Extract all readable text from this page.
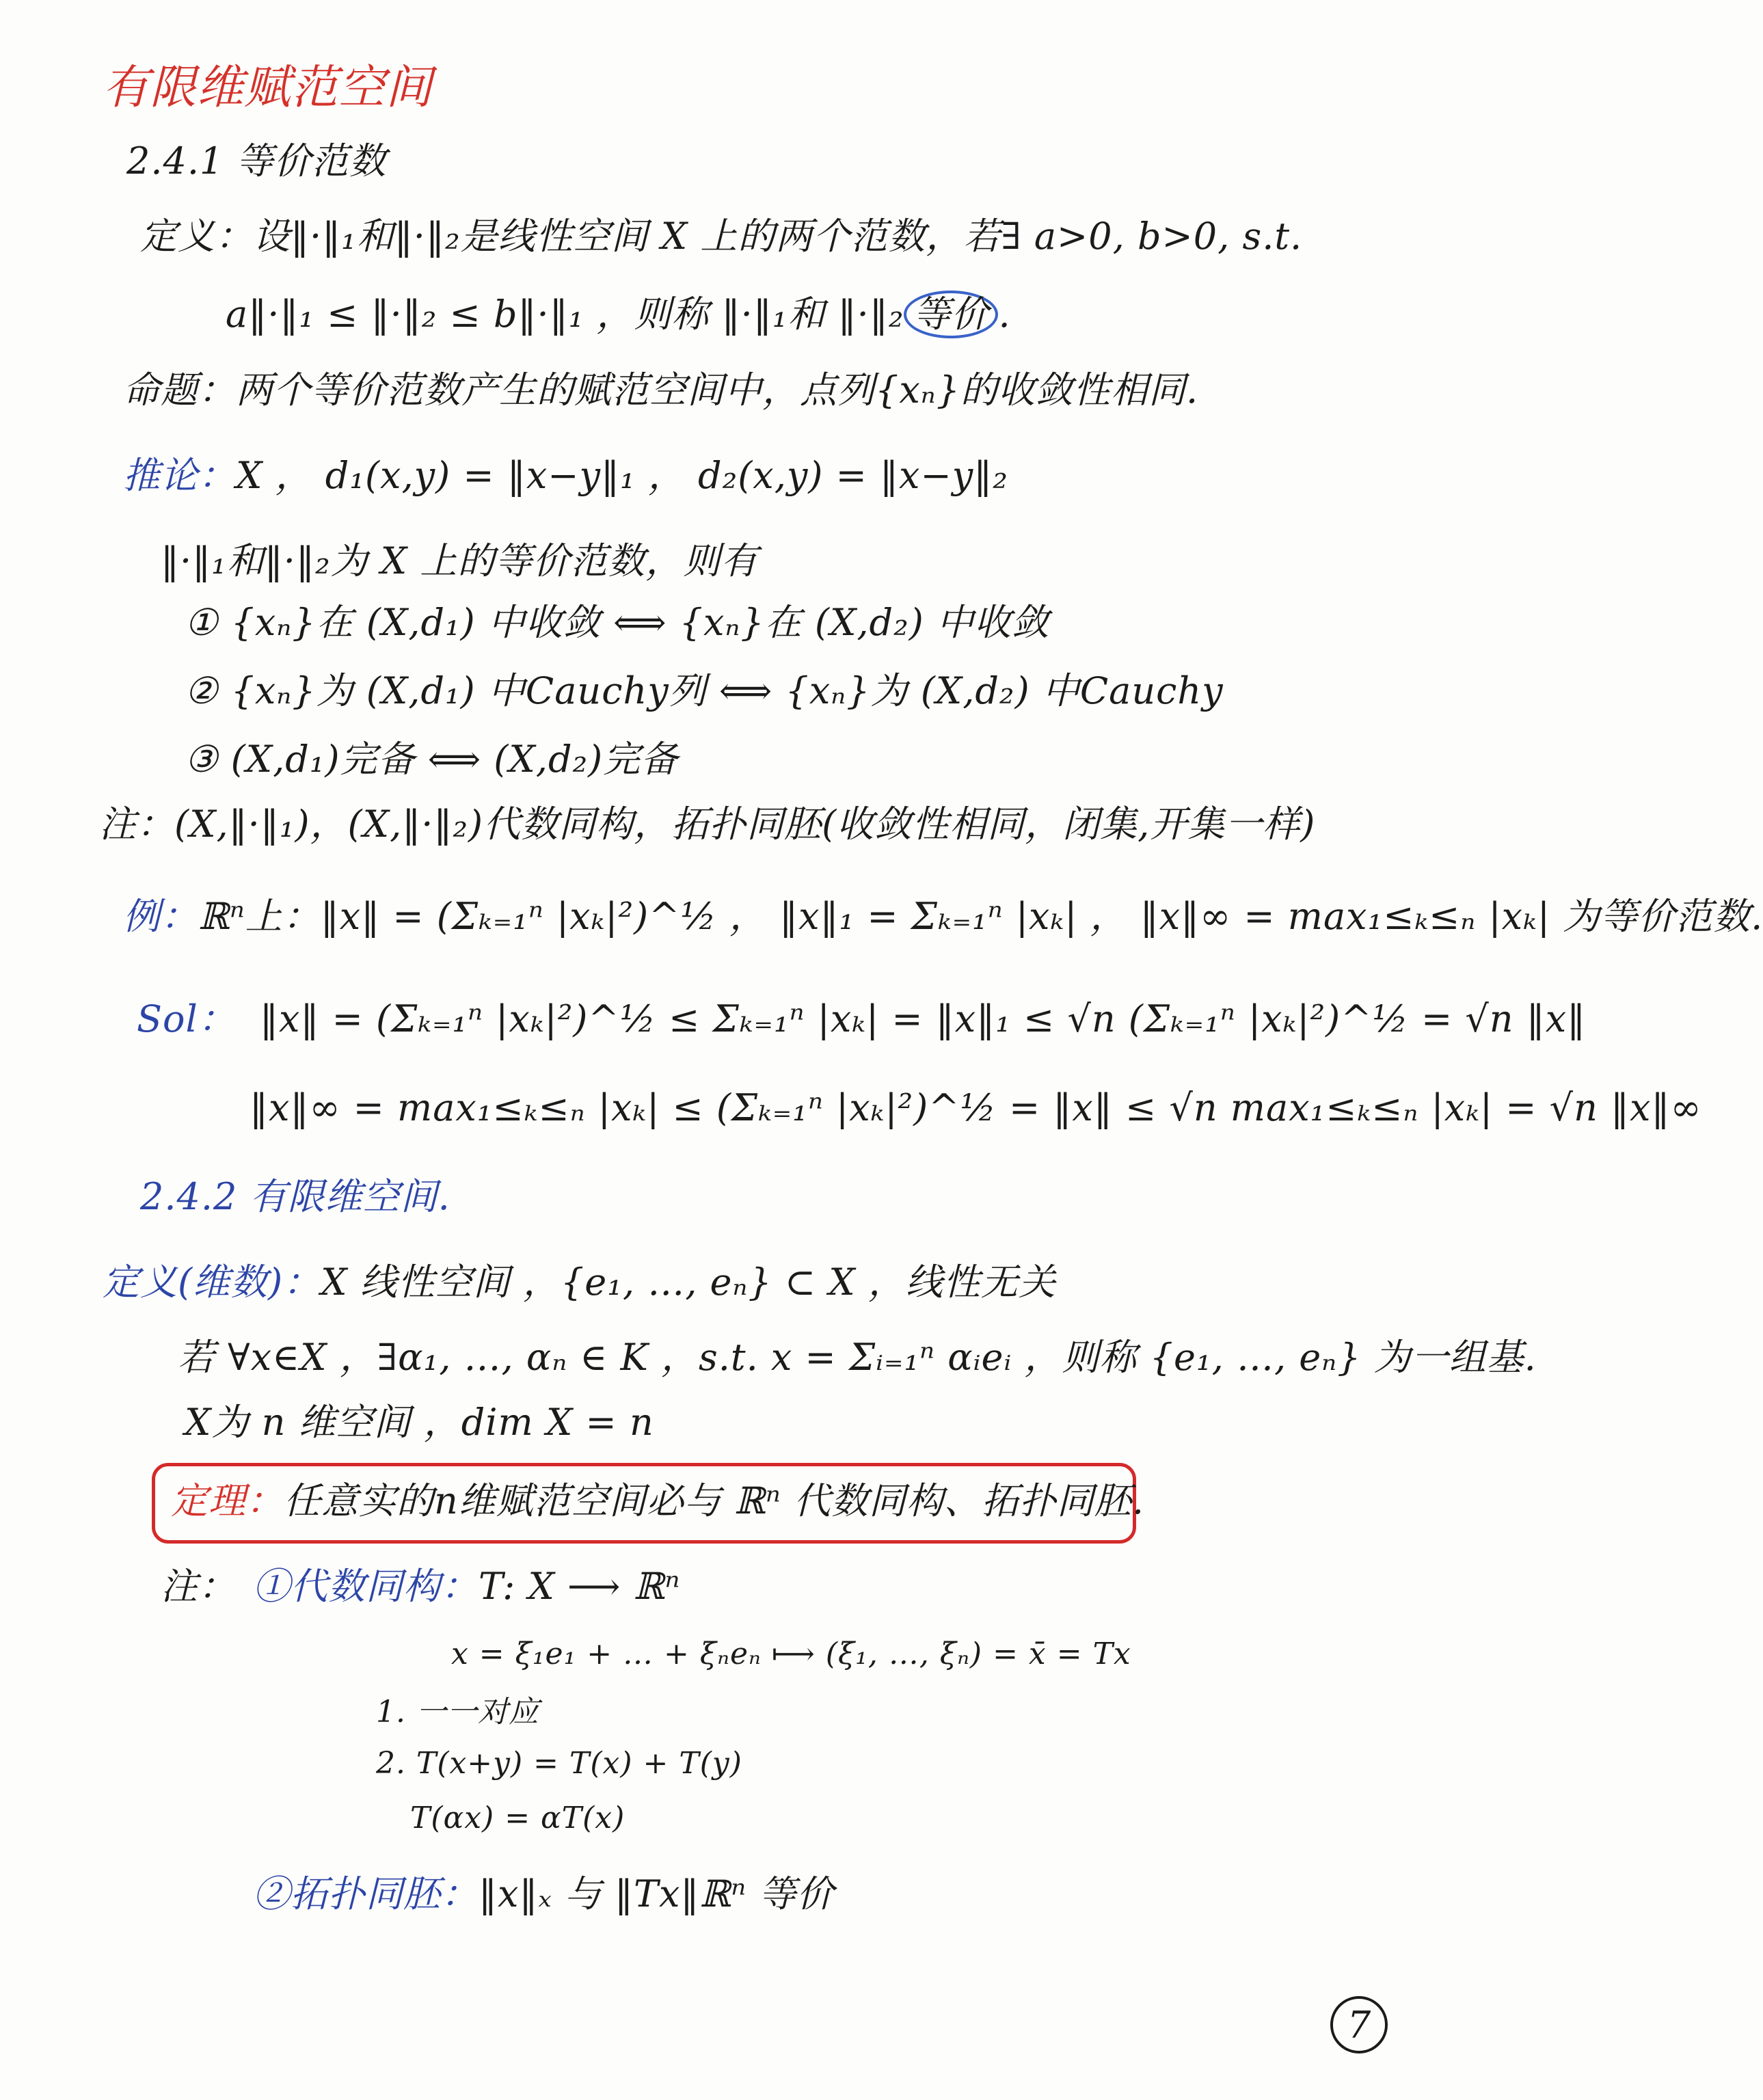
有限维赋范空间
2.4.1 等价范数
定义：设‖·‖₁和‖·‖₂是线性空间 X 上的两个范数，若∃ a>0, b>0, s.t.
a‖·‖₁ ≤ ‖·‖₂ ≤ b‖·‖₁ ，则称 ‖·‖₁和 ‖·‖₂ 等价 .
命题：两个等价范数产生的赋范空间中，点列{xₙ}的收敛性相同.
推论：X ， d₁(x,y) = ‖x−y‖₁ ， d₂(x,y) = ‖x−y‖₂
‖·‖₁和‖·‖₂为 X 上的等价范数，则有
① {xₙ}在 (X,d₁) 中收敛 ⟺ {xₙ}在 (X,d₂) 中收敛
② {xₙ}为 (X,d₁) 中Cauchy列 ⟺ {xₙ}为 (X,d₂) 中Cauchy
③ (X,d₁)完备 ⟺ (X,d₂)完备
注：(X,‖·‖₁)，(X,‖·‖₂)代数同构，拓扑同胚(收敛性相同，闭集,开集一样)
例：ℝⁿ上：‖x‖ = (Σₖ₌₁ⁿ |xₖ|²)^½ ， ‖x‖₁ = Σₖ₌₁ⁿ |xₖ| ， ‖x‖∞ = max₁≤ₖ≤ₙ |xₖ| 为等价范数.
Sol： ‖x‖ = (Σₖ₌₁ⁿ |xₖ|²)^½ ≤ Σₖ₌₁ⁿ |xₖ| = ‖x‖₁ ≤ √n (Σₖ₌₁ⁿ |xₖ|²)^½ = √n ‖x‖
‖x‖∞ = max₁≤ₖ≤ₙ |xₖ| ≤ (Σₖ₌₁ⁿ |xₖ|²)^½ = ‖x‖ ≤ √n max₁≤ₖ≤ₙ |xₖ| = √n ‖x‖∞
2.4.2 有限维空间.
定义(维数)：X 线性空间 ，{e₁, …, eₙ} ⊂ X ，线性无关
若 ∀x∈X ，∃α₁, …, αₙ ∈ K ，s.t. x = Σᵢ₌₁ⁿ αᵢeᵢ ，则称 {e₁, …, eₙ} 为一组基.
X为 n 维空间 ，dim X = n
定理：任意实的n维赋范空间必与 ℝⁿ 代数同构、拓扑同胚.
注： ①代数同构：T: X ⟶ ℝⁿ
x = ξ₁e₁ + … + ξₙeₙ ⟼ (ξ₁, …, ξₙ) = x̄ = Tx
1. 一一对应
2. T(x+y) = T(x) + T(y)
T(αx) = αT(x)
②拓扑同胚：‖x‖ₓ 与 ‖Tx‖ℝⁿ 等价
7
